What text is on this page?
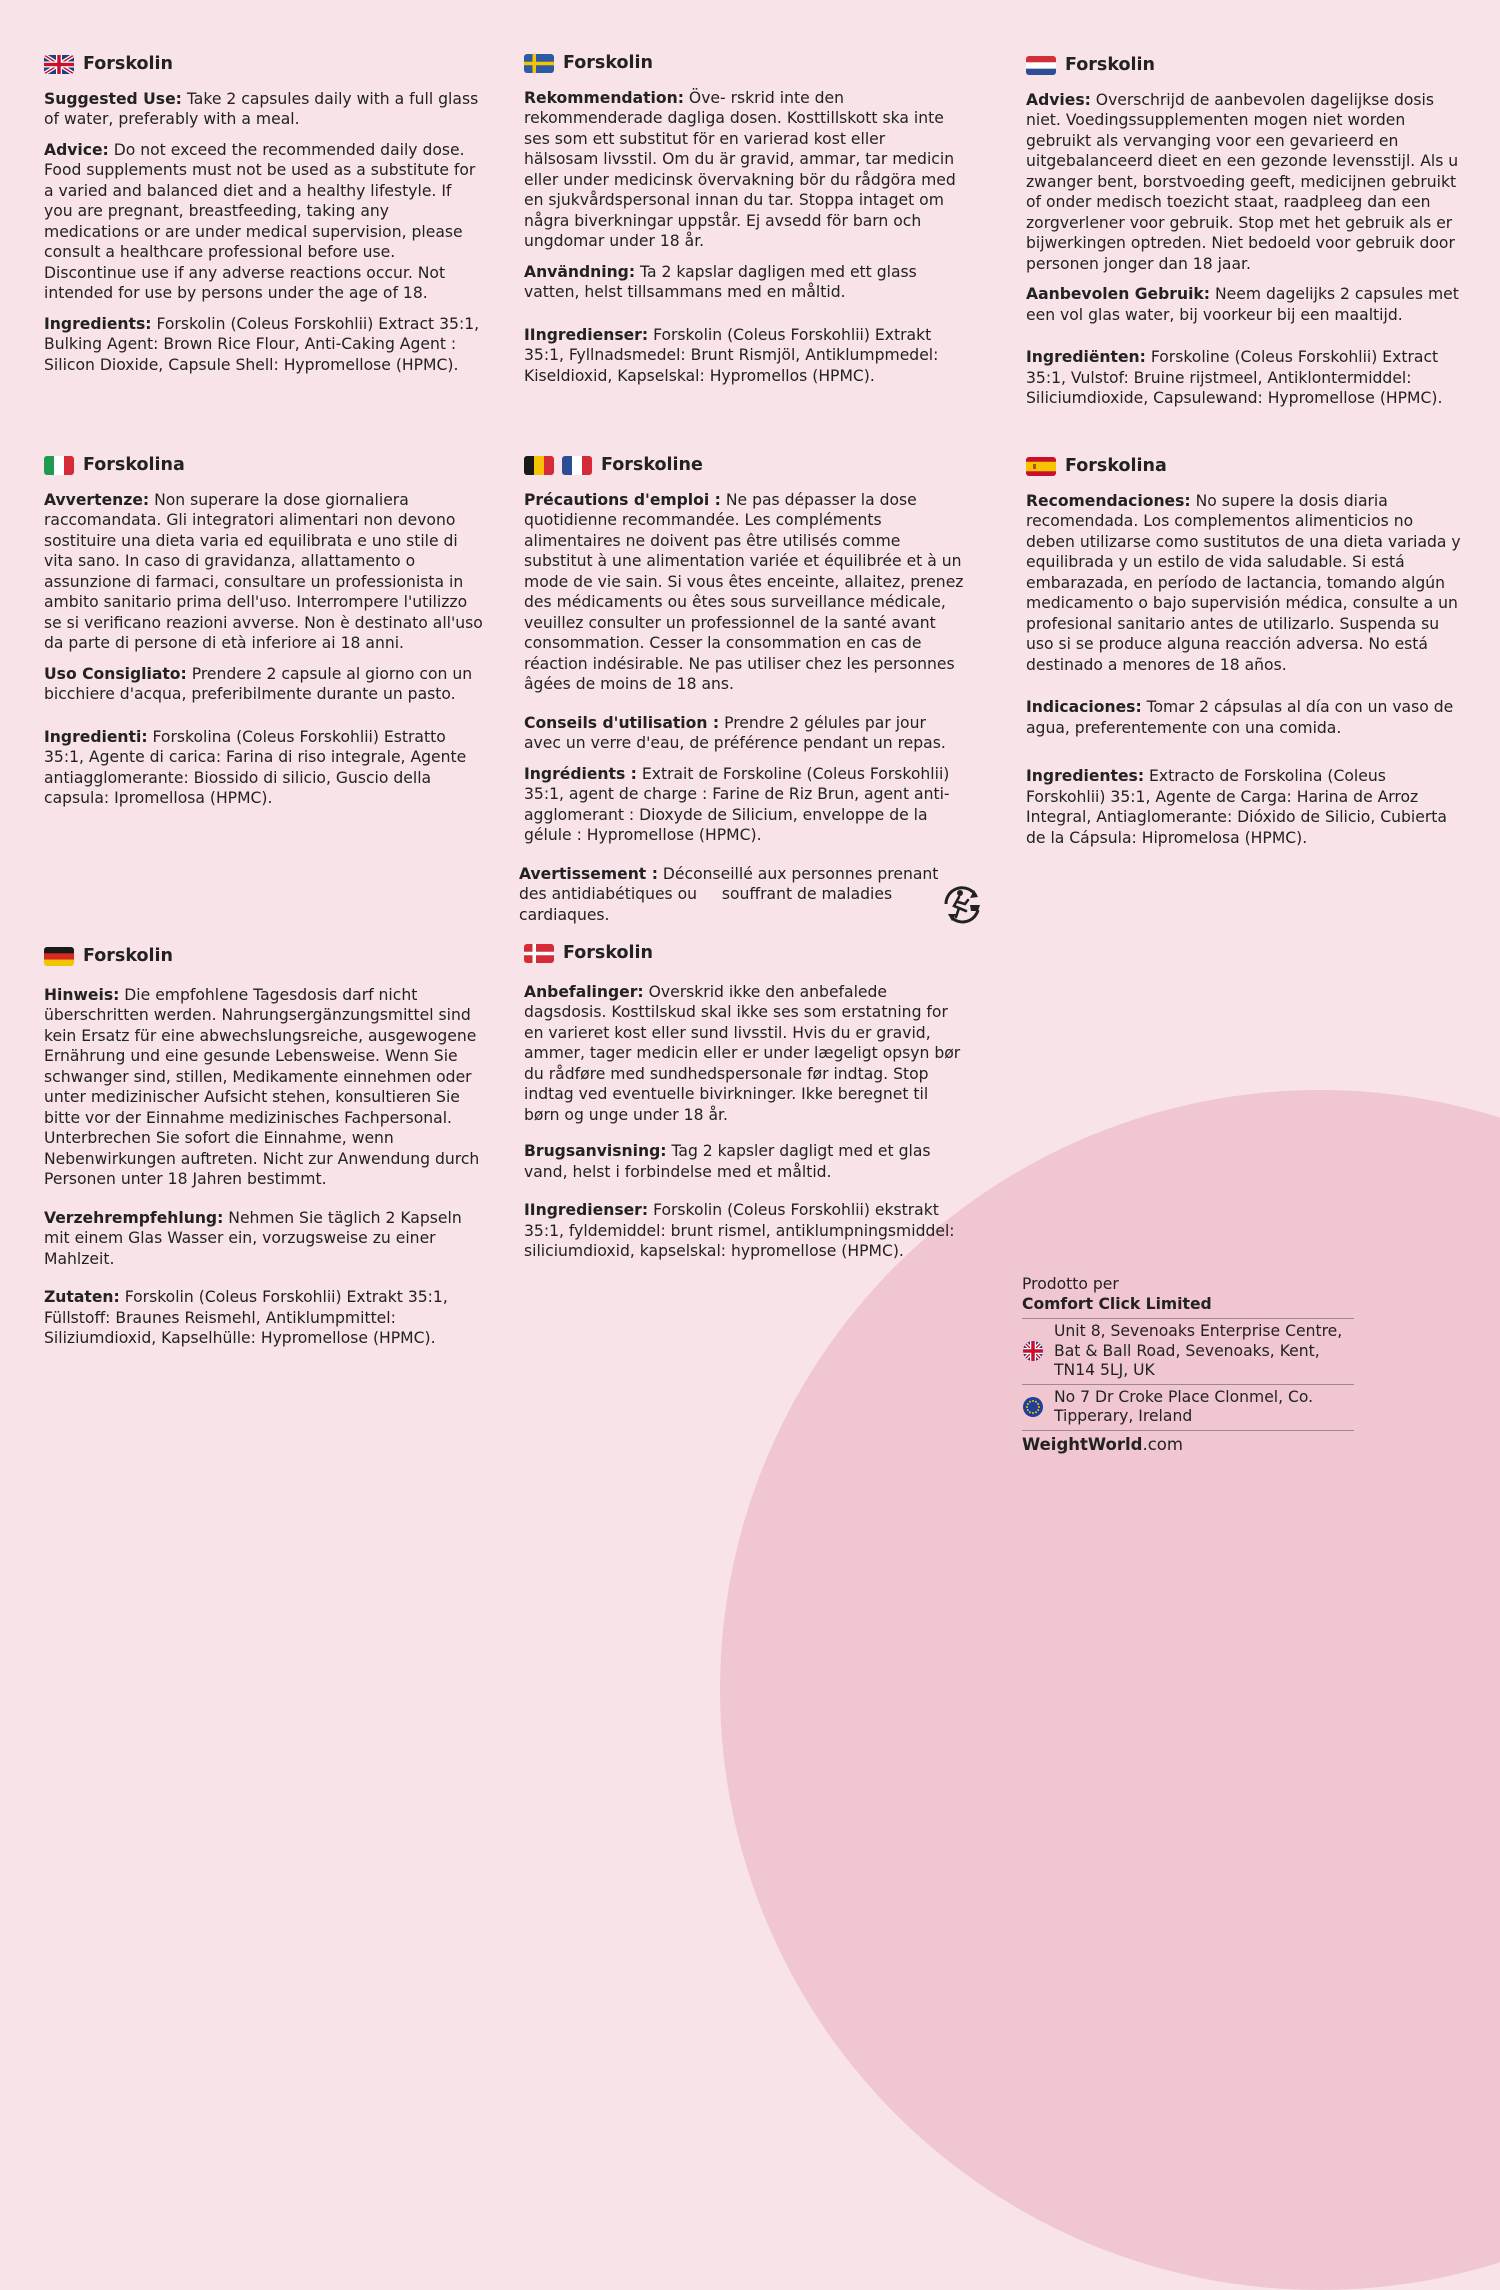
Forskolin

Suggested Use: Take 2 capsules daily with a full glass of water, preferably with a meal.

Advice: Do not exceed the recommended daily dose. Food supplements must not be used as a substitute for a varied and balanced diet and a healthy lifestyle. If you are pregnant, breastfeeding, taking any medications or are under medical supervision, please consult a healthcare professional before use. Discontinue use if any adverse reactions occur. Not intended for use by persons under the age of 18.

Ingredients: Forskolin (Coleus Forskohlii) Extract 35:1, Bulking Agent: Brown Rice Flour, Anti-Caking Agent : Silicon Dioxide, Capsule Shell: Hypromellose (HPMC).

Forskolin

Rekommendation: Öve- rskrid inte den rekommenderade dagliga dosen. Kosttillskott ska inte ses som ett substitut för en varierad kost eller hälsosam livsstil. Om du är gravid, ammar, tar medicin eller under medicinsk övervakning bör du rådgöra med en sjukvårdspersonal innan du tar. Stoppa intaget om några biverkningar uppstår. Ej avsedd för barn och ungdomar under 18 år.

Användning: Ta 2 kapslar dagligen med ett glass vatten, helst tillsammans med en måltid.

IIngredienser: Forskolin (Coleus Forskohlii) Extrakt 35:1, Fyllnadsmedel: Brunt Rismjöl, Antiklumpmedel: Kiseldioxid, Kapselskal: Hypromellos (HPMC).

Forskolin

Advies: Overschrijd de aanbevolen dagelijkse dosis niet. Voedingssupplementen mogen niet worden gebruikt als vervanging voor een gevarieerd en uitgebalanceerd dieet en een gezonde levensstijl. Als u zwanger bent, borstvoeding geeft, medicijnen gebruikt of onder medisch toezicht staat, raadpleeg dan een zorgverlener voor gebruik. Stop met het gebruik als er bijwerkingen optreden. Niet bedoeld voor gebruik door personen jonger dan 18 jaar.

Aanbevolen Gebruik: Neem dagelijks 2 capsules met een vol glas water, bij voorkeur bij een maaltijd.

Ingrediënten: Forskoline (Coleus Forskohlii) Extract 35:1, Vulstof: Bruine rijstmeel, Antiklontermiddel: Siliciumdioxide, Capsulewand: Hypromellose (HPMC).

Forskolina

Avvertenze: Non superare la dose giornaliera raccomandata. Gli integratori alimentari non devono sostituire una dieta varia ed equilibrata e uno stile di vita sano. In caso di gravidanza, allattamento o assunzione di farmaci, consultare un professionista in ambito sanitario prima dell'uso. Interrompere l'utilizzo se si verificano reazioni avverse. Non è destinato all'uso da parte di persone di età inferiore ai 18 anni.

Uso Consigliato: Prendere 2 capsule al giorno con un bicchiere d'acqua, preferibilmente durante un pasto.

Ingredienti: Forskolina (Coleus Forskohlii) Estratto 35:1, Agente di carica: Farina di riso integrale, Agente antiagglomerante: Biossido di silicio, Guscio della capsula: Ipromellosa (HPMC).

Forskoline

Précautions d'emploi : Ne pas dépasser la dose quotidienne recommandée. Les compléments alimentaires ne doivent pas être utilisés comme substitut à une alimentation variée et équilibrée et à un mode de vie sain. Si vous êtes enceinte, allaitez, prenez des médicaments ou êtes sous surveillance médicale, veuillez consulter un professionnel de la santé avant consommation. Cesser la consommation en cas de réaction indésirable. Ne pas utiliser chez les personnes âgées de moins de 18 ans.

Conseils d'utilisation : Prendre 2 gélules par jour avec un verre d'eau, de préférence pendant un repas.

Ingrédients : Extrait de Forskoline (Coleus Forskohlii) 35:1, agent de charge : Farine de Riz Brun, agent anti-agglomerant : Dioxyde de Silicium, enveloppe de la gélule : Hypromellose (HPMC).

Avertissement : Déconseillé aux personnes prenant des antidiabétiques ou     souffrant de maladies cardiaques.

Forskolina

Recomendaciones: No supere la dosis diaria recomendada. Los complementos alimenticios no deben utilizarse como sustitutos de una dieta variada y equilibrada y un estilo de vida saludable. Si está embarazada, en período de lactancia, tomando algún medicamento o bajo supervisión médica, consulte a un profesional sanitario antes de utilizarlo. Suspenda su uso si se produce alguna reacción adversa. No está destinado a menores de 18 años.

Indicaciones: Tomar 2 cápsulas al día con un vaso de agua, preferentemente con una comida.

Ingredientes: Extracto de Forskolina (Coleus Forskohlii) 35:1, Agente de Carga: Harina de Arroz Integral, Antiaglomerante: Dióxido de Silicio, Cubierta de la Cápsula: Hipromelosa (HPMC).

Forskolin

Hinweis: Die empfohlene Tagesdosis darf nicht überschritten werden. Nahrungsergänzungsmittel sind kein Ersatz für eine abwechslungsreiche, ausgewogene Ernährung und eine gesunde Lebensweise. Wenn Sie schwanger sind, stillen, Medikamente einnehmen oder unter medizinischer Aufsicht stehen, konsultieren Sie bitte vor der Einnahme medizinisches Fachpersonal. Unterbrechen Sie sofort die Einnahme, wenn Nebenwirkungen auftreten. Nicht zur Anwendung durch Personen unter 18 Jahren bestimmt.

Verzehrempfehlung: Nehmen Sie täglich 2 Kapseln mit einem Glas Wasser ein, vorzugsweise zu einer Mahlzeit.

Zutaten: Forskolin (Coleus Forskohlii) Extrakt 35:1, Füllstoff: Braunes Reismehl, Antiklumpmittel: Siliziumdioxid, Kapselhülle: Hypromellose (HPMC).

Forskolin

Anbefalinger: Overskrid ikke den anbefalede dagsdosis. Kosttilskud skal ikke ses som erstatning for en varieret kost eller sund livsstil. Hvis du er gravid, ammer, tager medicin eller er under lægeligt opsyn bør du rådføre med sundhedspersonale før indtag. Stop indtag ved eventuelle bivirkninger. Ikke beregnet til børn og unge under 18 år.

Brugsanvisning: Tag 2 kapsler dagligt med et glas vand, helst i forbindelse med et måltid.

IIngredienser: Forskolin (Coleus Forskohlii) ekstrakt 35:1, fyldemiddel: brunt rismel, antiklumpningsmiddel: siliciumdioxid, kapselskal: hypromellose (HPMC).

Prodotto per

Comfort Click Limited

Unit 8, Sevenoaks Enterprise Centre, Bat & Ball Road, Sevenoaks, Kent, TN14 5LJ, UK
No 7 Dr Croke Place Clonmel, Co. Tipperary, Ireland
WeightWorld.com
